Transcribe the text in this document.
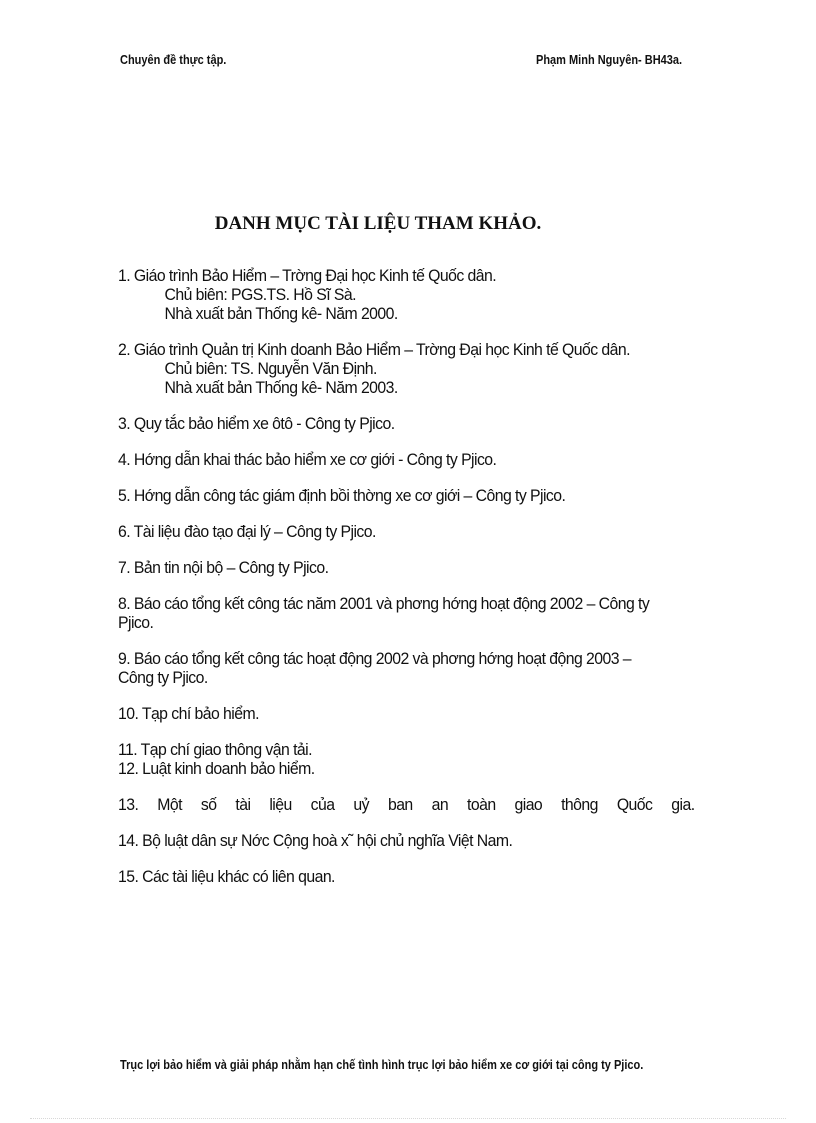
Chuyên đề thực tập.	Phạm Minh Nguyên- BH43a.
DANH MỤC TÀI LIỆU THAM KHẢO.
1. Giáo trình Bảo Hiểm – Trờng Đại học Kinh tế Quốc dân.
Chủ biên: PGS.TS. Hồ Sĩ Sà.
Nhà xuất bản Thống kê- Năm 2000.
2. Giáo trình Quản trị Kinh doanh Bảo Hiểm – Trờng Đại học Kinh tế Quốc dân.
Chủ biên: TS. Nguyễn Văn Định.
Nhà xuất bản Thống kê- Năm 2003.
3. Quy tắc bảo hiểm xe ôtô - Công ty Pjico.
4. Hớng dẫn khai thác bảo hiểm xe cơ giới - Công ty Pjico.
5. Hớng dẫn công tác giám định bồi thờng xe cơ giới – Công ty Pjico.
6. Tài liệu đào tạo đại lý – Công ty Pjico.
7. Bản tin nội bộ – Công ty Pjico.
8. Báo cáo tổng kết công tác năm 2001 và phơng hớng hoạt động 2002 – Công ty
Pjico.
9. Báo cáo tổng kết công tác hoạt động 2002 và phơng hớng hoạt động 2003 –
Công ty Pjico.
10. Tạp chí bảo hiểm.
11. Tạp chí giao thông vận tải.
12. Luật kinh doanh bảo hiểm.
13. Một số tài liệu của uỷ ban an toàn giao thông Quốc gia.
14. Bộ luật dân sự Nớc Cộng hoà x˜ hội chủ nghĩa Việt Nam.
15. Các tài liệu khác có liên quan.
Trục lợi bảo hiểm và giải pháp nhằm hạn chế tình hình trục lợi bảo hiểm xe cơ giới tại công ty Pjico.
